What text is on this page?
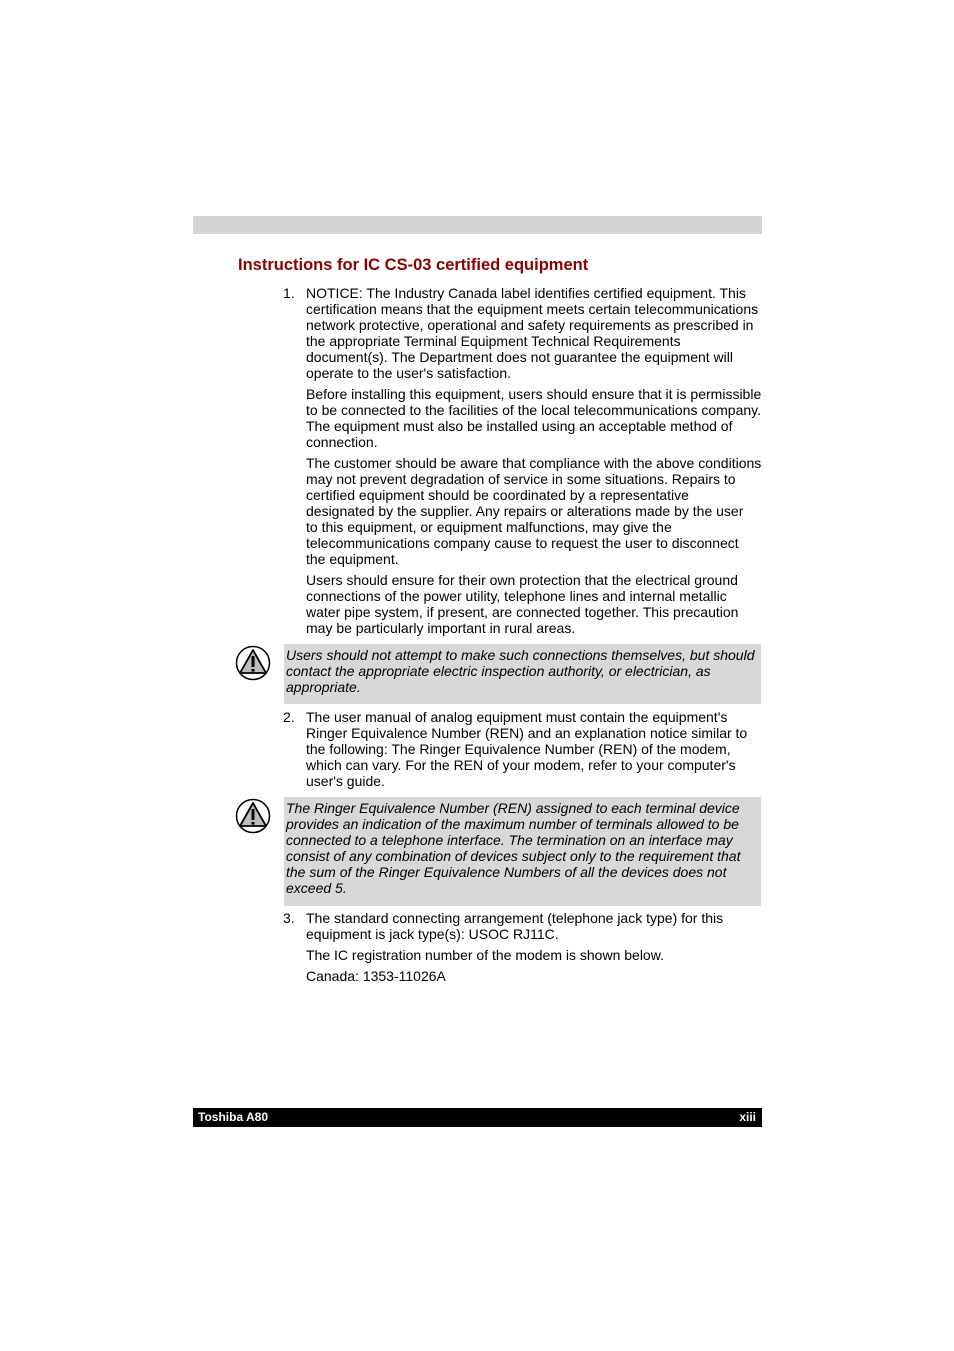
Instructions for IC CS-03 certified equipment
1. NOTICE: The Industry Canada label identifies certified equipment. This
certification means that the equipment meets certain telecommunications
network protective, operational and safety requirements as prescribed in
the appropriate Terminal Equipment Technical Requirements
document(s). The Department does not guarantee the equipment will
operate to the user's satisfaction.

Before installing this equipment, users should ensure that it is permissible
to be connected to the facilities of the local telecommunications company.
The equipment must also be installed using an acceptable method of
connection.

The customer should be aware that compliance with the above conditions
may not prevent degradation of service in some situations. Repairs to
certified equipment should be coordinated by a representative
designated by the supplier. Any repairs or alterations made by the user
to this equipment, or equipment malfunctions, may give the
telecommunications company cause to request the user to disconnect
the equipment.

Users should ensure for their own protection that the electrical ground
connections of the power utility, telephone lines and internal metallic
water pipe system, if present, are connected together. This precaution
may be particularly important in rural areas.

Users should not attempt to make such connections themselves, but should
contact the appropriate electric inspection authority, or electrician, as
appropriate.
2. The user manual of analog equipment must contain the equipment's
Ringer Equivalence Number (REN) and an explanation notice similar to
the following: The Ringer Equivalence Number (REN) of the modem,
which can vary. For the REN of your modem, refer to your computer's
user's guide.

The Ringer Equivalence Number (REN) assigned to each terminal device
provides an indication of the maximum number of terminals allowed to be
connected to a telephone interface. The termination on an interface may
consist of any combination of devices subject only to the requirement that
the sum of the Ringer Equivalence Numbers of all the devices does not
exceed 5.
3. The standard connecting arrangement (telephone jack type) for this
equipment is jack type(s): USOC RJ11C.

The IC registration number of the modem is shown below.

Canada: 1353-11026A

Toshiba A80	xiii
